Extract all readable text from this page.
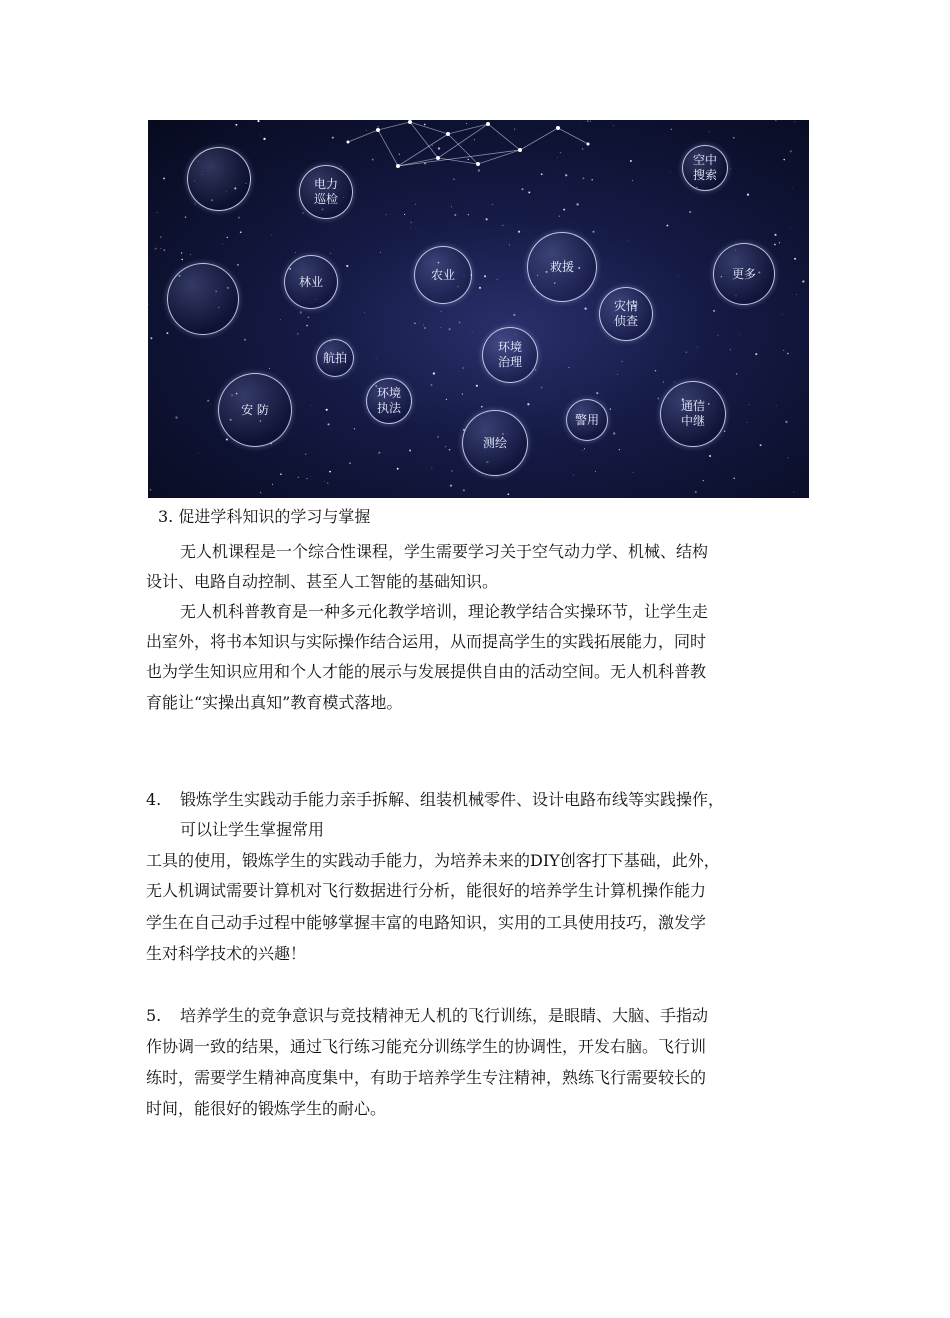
空中
搜索
电力
巡检
林业	农业
救援	更多
灾情
侦查
航拍
环境
治理
环境
执法
安 防
警用
测绘
通信
中继
3. 促进学科知识的学习与掌握
无人机课程是一个综合性课程，学生需要学习关于空气动力学、机械、结构
设计、电路自动控制、甚至人工智能的基础知识。
无人机科普教育是一种多元化教学培训，理论教学结合实操环节，让学生走
出室外，将书本知识与实际操作结合运用，从而提高学生的实践拓展能力，同时
也为学生知识应用和个人才能的展示与发展提供自由的活动空间。无人机科普教
育能让“实操出真知”教育模式落地。
4. 锻炼学生实践动手能力亲手拆解、组装机械零件、设计电路布线等实践操作，
可以让学生掌握常用
工具的使用，锻炼学生的实践动手能力，为培养未来的DIY创客打下基础，此外，
无人机调试需要计算机对飞行数据进行分析，能很好的培养学生计算机操作能力
学生在自己动手过程中能够掌握丰富的电路知识，实用的工具使用技巧，激发学
生对科学技术的兴趣！
5. 培养学生的竞争意识与竞技精神无人机的飞行训练，是眼睛、大脑、手指动
作协调一致的结果，通过飞行练习能充分训练学生的协调性，开发右脑。飞行训
练时，需要学生精神高度集中，有助于培养学生专注精神，熟练飞行需要较长的
时间，能很好的锻炼学生的耐心。
